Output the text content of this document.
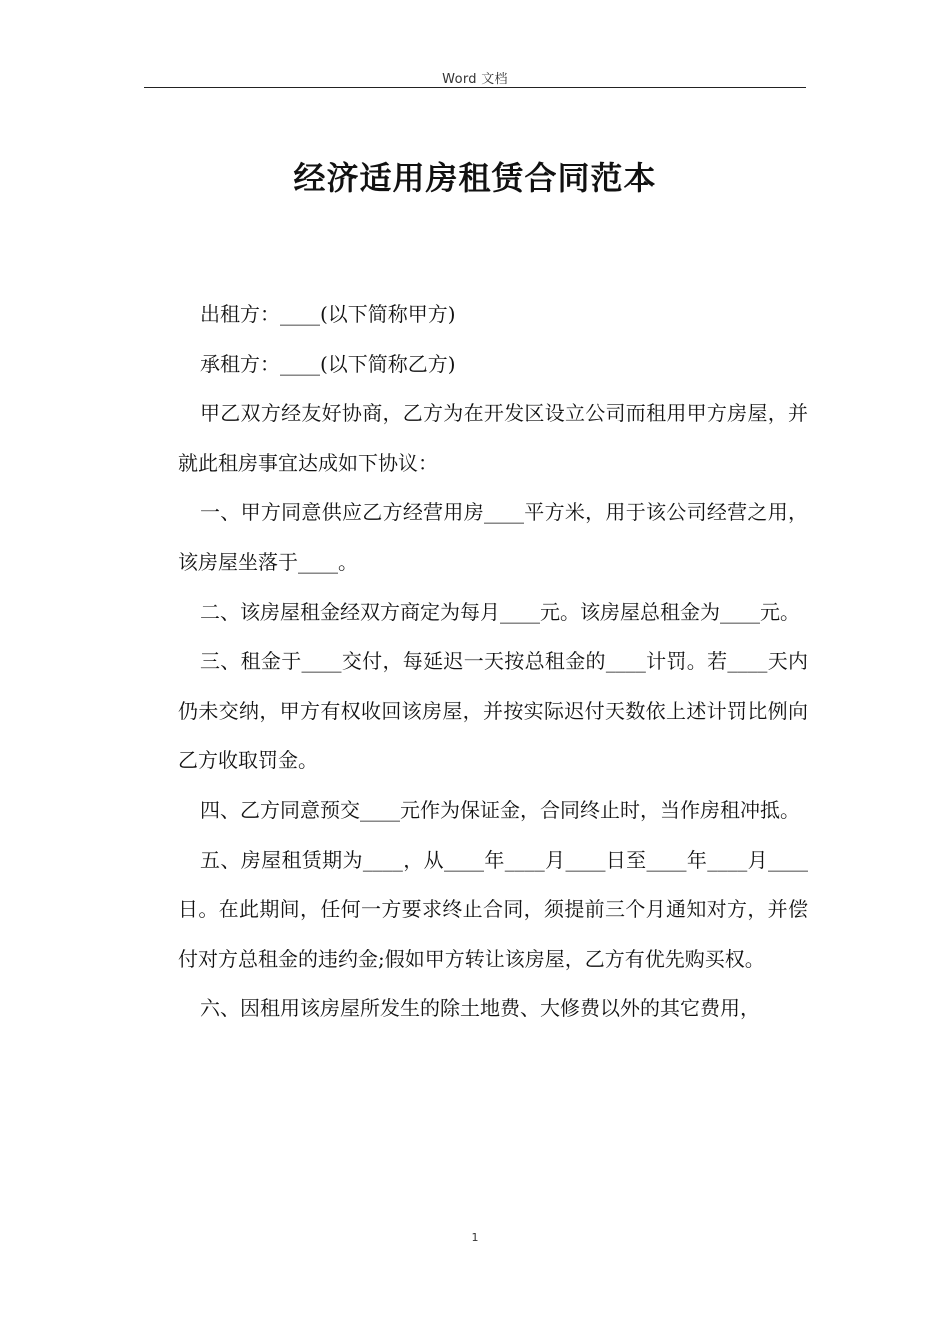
Word 文档
经济适用房租赁合同范本

出租方：____(以下简称甲方)

承租方：____(以下简称乙方)

甲乙双方经友好协商，乙方为在开发区设立公司而租用甲方房屋，并就此租房事宜达成如下协议：

一、甲方同意供应乙方经营用房____平方米，用于该公司经营之用，该房屋坐落于____。

二、该房屋租金经双方商定为每月____元。该房屋总租金为____元。

三、租金于____交付，每延迟一天按总租金的____计罚。若____天内仍未交纳，甲方有权收回该房屋，并按实际迟付天数依上述计罚比例向乙方收取罚金。

四、乙方同意预交____元作为保证金，合同终止时，当作房租冲抵。

五、房屋租赁期为____，从____年____月____日至____年____月____日。在此期间，任何一方要求终止合同，须提前三个月通知对方，并偿付对方总租金的违约金;假如甲方转让该房屋，乙方有优先购买权。

六、因租用该房屋所发生的除土地费、大修费以外的其它费用，

1
